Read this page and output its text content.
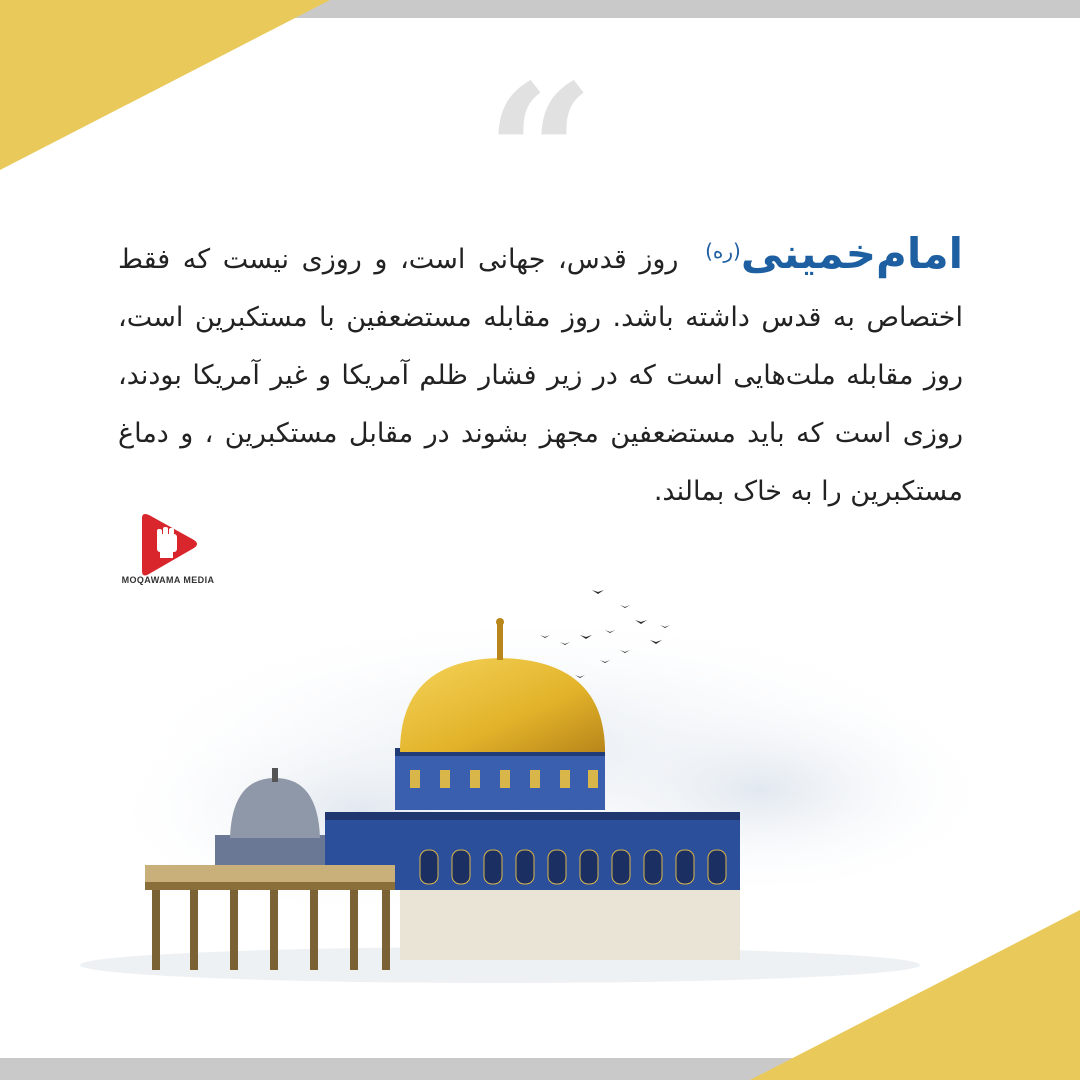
“	امام‌خمینی$^{(ره)}$ روز قدس، جهانی است، و روزی نیست که فقط اختصاص به قدس داشته باشد. روز مقابله مستضعفین با مستکبرین است، روز مقابله ملت‌هایی است که در زیر فشار ظلم آمریکا و غیر آمریکا بودند، روزی است که باید مستضعفین مجهز بشوند در مقابل مستکبرین ، و دماغ مستکبرین را به خاک بمالند.
MOQAWAMA MEDIA
